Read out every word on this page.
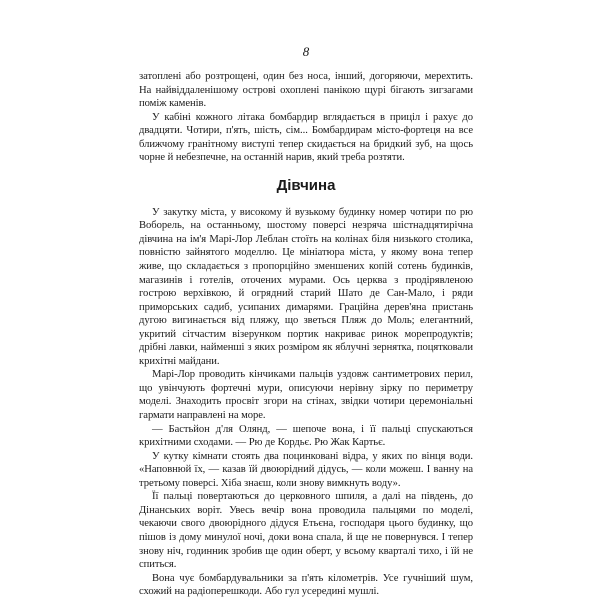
8

затоплені або розтрощені, один без носа, інший, догоряючи, мерехтить. На найвіддаленішому острові охоплені панікою щурі бігають зигзагами поміж каменів.

У кабіні кожного літака бомбардир вглядається в приціл і рахує до двадцяти. Чотири, п'ять, шість, сім... Бомбардирам місто-фортеця на все ближчому гранітному виступі тепер скидається на бридкий зуб, на щось чорне й небезпечне, на останній нарив, який треба розтяти.

Дівчина

У закутку міста, у високому й вузькому будинку номер чотири по рю Воборель, на останньому, шостому поверсі незряча шістнадцятирічна дівчина на ім'я Марі-Лор Леблан стоїть на колінах біля низького столика, повністю зайнятого моделлю. Це мініатюра міста, у якому вона тепер живе, що складається з пропорційно зменшених копій сотень будинків, магазинів і готелів, оточених мурами. Ось церква з продірявленою гострою верхівкою, й огрядний старий Шато де Сан-Мало, і ряди приморських садиб, усипаних димарями. Грацiйна дерев'яна пристань дугою вигинається від пляжу, що зветься Пляж до Моль; елегантний, укритий сітчастим візерунком портик накриває ринок морепродуктів; дрібні лавки, найменші з яких розміром як яблучні зернятка, поцятковали крихітні майдани.

Марі-Лор проводить кінчиками пальців уздовж сантиметрових перил, що увінчують фортечні мури, описуючи нерівну зірку по периметру моделі. Знаходить просвіт згори на стінах, звідки чотири церемоніальні гармати направлені на море.

— Бастьйон д'ля Олянд, — шепоче вона, і її пальці спускаються крихітними сходами. — Рю де Кордьє. Рю Жак Картьє.

У кутку кімнати стоять два поцинковані відра, у яких по вінця води. «Наповнюй їх, — казав їй двоюрідний дідусь, — коли можеш. І ванну на третьому поверсі. Хіба знаєш, коли знову вимкнуть воду».

Її пальці повертаються до церковного шпиля, а далі на південь, до Дінанських воріт. Увесь вечір вона проводила пальцями по моделі, чекаючи свого двоюрідного дідуся Етьєна, господаря цього будинку, що пішов із дому минулої ночі, доки вона спала, й ще не повернувся. І тепер знову ніч, годинник зробив ще один оберт, у всьому кварталі тихо, і їй не спиться.

Вона чує бомбардувальники за п'ять кілометрів. Усе гучніший шум, схожий на радіоперешкоди. Або гул усередині мушлі.
